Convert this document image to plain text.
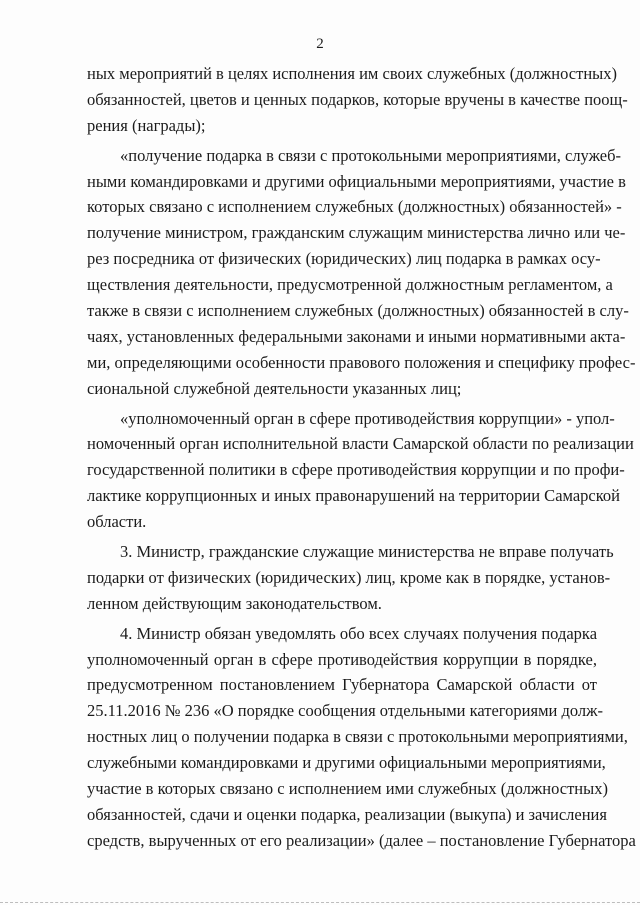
2
ных мероприятий в целях исполнения им своих служебных (должностных)
обязанностей, цветов и ценных подарков, которые вручены в качестве поощ-
рения (награды);
«получение подарка в связи с протокольными мероприятиями, служеб-
ными командировками и другими официальными мероприятиями, участие в
которых связано с исполнением служебных (должностных) обязанностей» -
получение министром, гражданским служащим министерства лично или че-
рез посредника от физических (юридических) лиц подарка в рамках осу-
ществления деятельности, предусмотренной должностным регламентом, а
также в связи с исполнением служебных (должностных) обязанностей в слу-
чаях, установленных федеральными законами и иными нормативными акта-
ми, определяющими особенности правового положения и специфику профес-
сиональной служебной деятельности указанных лиц;
«уполномоченный орган в сфере противодействия коррупции» - упол-
номоченный орган исполнительной власти Самарской области по реализации
государственной политики в сфере противодействия коррупции и по профи-
лактике коррупционных и иных правонарушений на территории Самарской
области.
3. Министр, гражданские служащие министерства не вправе получать
подарки от физических (юридических) лиц, кроме как в порядке, установ-
ленном действующим законодательством.
4. Министр обязан уведомлять обо всех случаях получения подарка
уполномоченный орган в сфере противодействия коррупции в порядке,
предусмотренном постановлением Губернатора Самарской области от
25.11.2016 № 236 «О порядке сообщения отдельными категориями долж-
ностных лиц о получении подарка в связи с протокольными мероприятиями,
служебными командировками и другими официальными мероприятиями,
участие в которых связано с исполнением ими служебных (должностных)
обязанностей, сдачи и оценки подарка, реализации (выкупа) и зачисления
средств, вырученных от его реализации» (далее – постановление Губернатора
